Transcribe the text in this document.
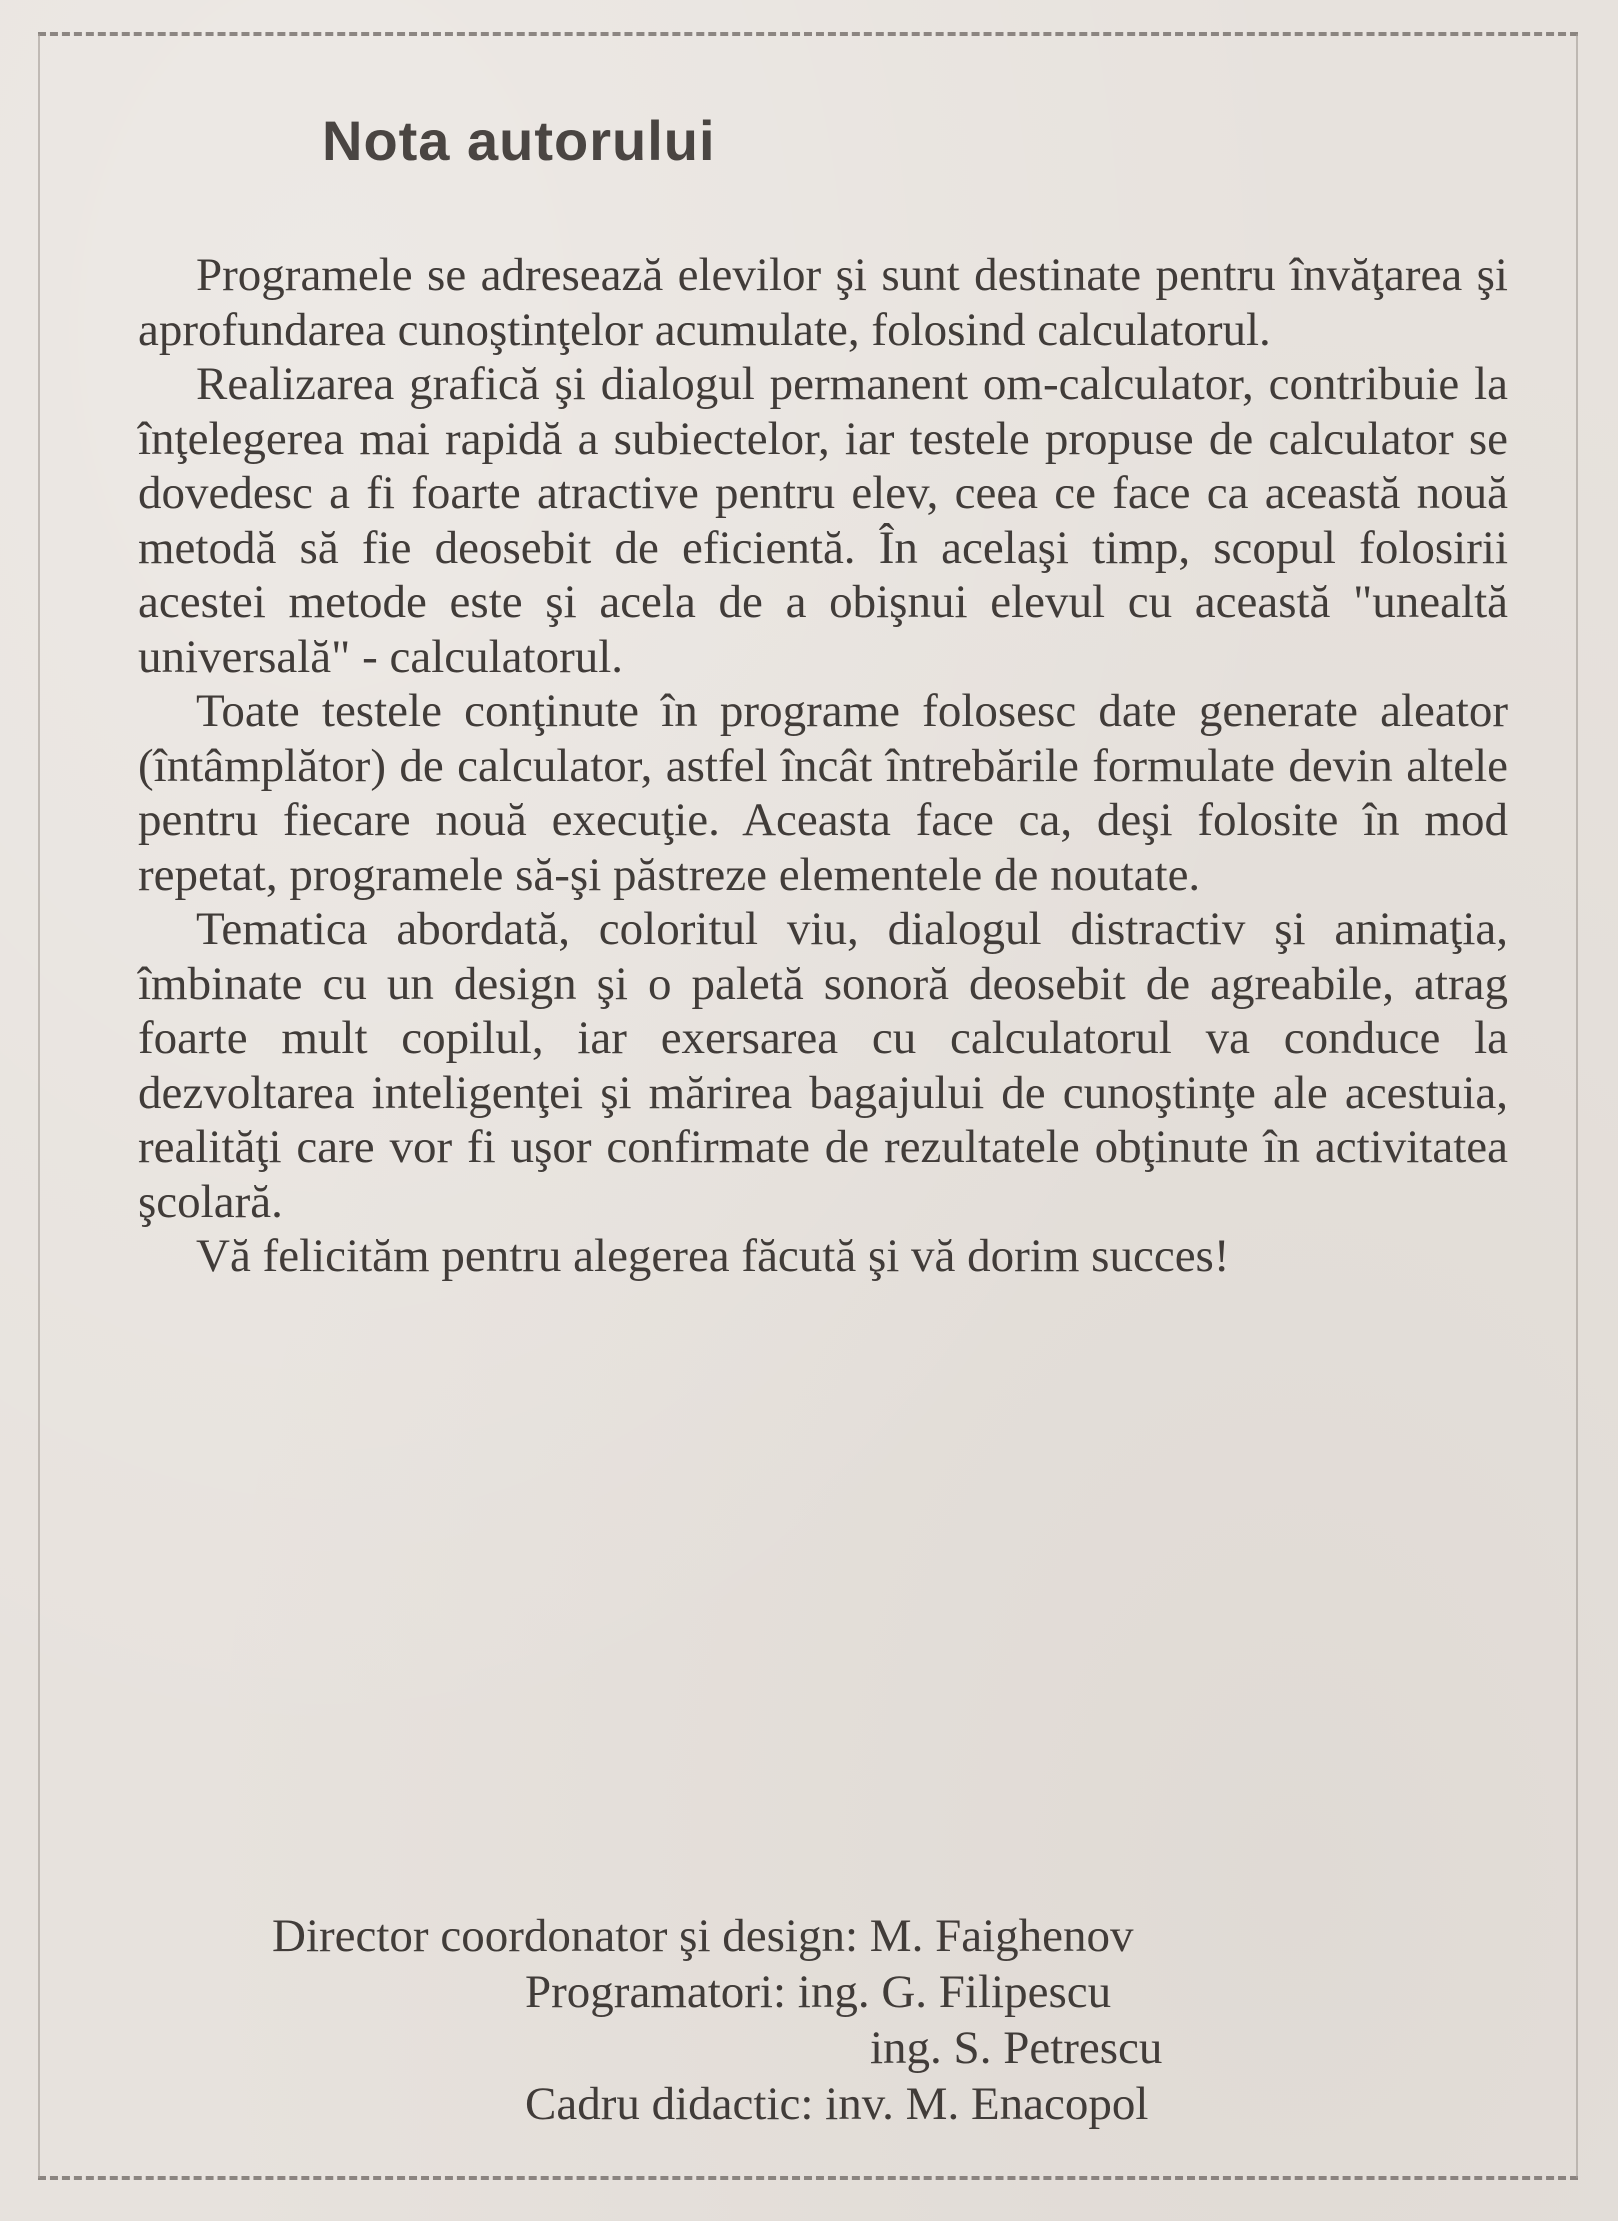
Nota autorului

Programele se adresează elevilor şi sunt destinate pentru învăţarea şi aprofundarea cunoştinţelor acumulate, folosind calculatorul.

Realizarea grafică şi dialogul permanent om-calculator, contribuie la înţelegerea mai rapidă a subiectelor, iar testele propuse de calculator se dovedesc a fi foarte atractive pentru elev, ceea ce face ca această nouă metodă să fie deosebit de eficientă. În acelaşi timp, scopul folosirii acestei metode este şi acela de a obişnui elevul cu această "unealtă universală" - calculatorul.

Toate testele conţinute în programe folosesc date generate aleator (întâmplător) de calculator, astfel încât întrebările formulate devin altele pentru fiecare nouă execuţie. Aceasta face ca, deşi folosite în mod repetat, programele să-şi păstreze elementele de noutate.

Tematica abordată, coloritul viu, dialogul distractiv şi animaţia, îmbinate cu un design şi o paletă sonoră deosebit de agreabile, atrag foarte mult copilul, iar exersarea cu calculatorul va conduce la dezvoltarea inteligenţei şi mărirea bagajului de cunoştinţe ale acestuia, realităţi care vor fi uşor confirmate de rezultatele obţinute în activitatea şcolară.

Vă felicităm pentru alegerea făcută şi vă dorim succes!

Director coordonator şi design: M. Faighenov
Programatori: ing. G. Filipescu
ing. S. Petrescu
Cadru didactic: inv. M. Enacopol
